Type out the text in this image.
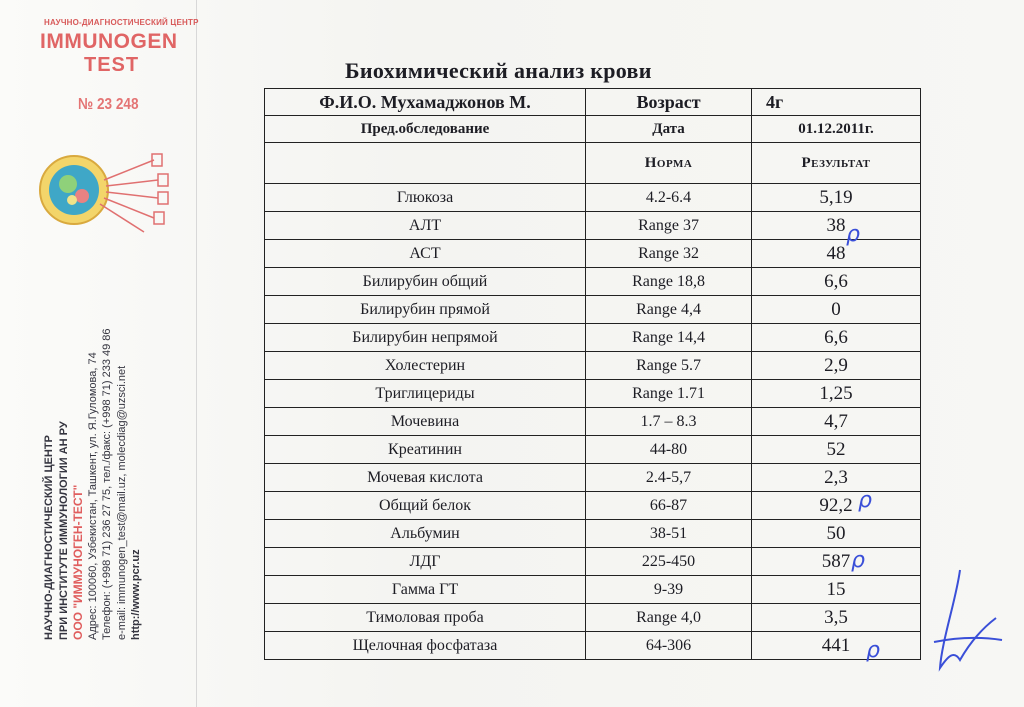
НАУЧНО-ДИАГНОСТИЧЕСКИЙ ЦЕНТР
IMMUNOGEN
TEST
№ 23 248
НАУЧНО-ДИАГНОСТИЧЕСКИЙ ЦЕНТР ПРИ ИНСТИТУТЕ ИММУНОЛОГИИ АН РУ ООО "ИММУНОГЕН-ТЕСТ" Адрес: 100060, Узбекистан, Ташкент, ул. Я.Гуломова, 74 Телефон: (+998 71) 236 27 75, тел./факс: (+998 71) 233 49 86 e-mail: immunogen_test@mail.uz, molecdiag@uzsci.net http://www.pcr.uz
Биохимический анализ крови
Ф.И.О. Мухамаджонов М.	Возраст	4г
Пред.обследование	Дата	01.12.2011г.
	Норма	Результат
Глюкоза	4.2-6.4	5,19
АЛТ	Range 37	38
АСТ	Range 32	48
Билирубин общий	Range 18,8	6,6
Билирубин прямой	Range 4,4	0
Билирубин непрямой	Range 14,4	6,6
Холестерин	Range 5.7	2,9
Триглицериды	Range 1.71	1,25
Мочевина	1.7 – 8.3	4,7
Креатинин	44-80	52
Мочевая кислота	2.4-5,7	2,3
Общий белок	66-87	92,2
Альбумин	38-51	50
ЛДГ	225-450	587
Гамма ГТ	9-39	15
Тимоловая проба	Range 4,0	3,5
Щелочная фосфатаза	64-306	441
ρ
ρ
ρ
ρ
